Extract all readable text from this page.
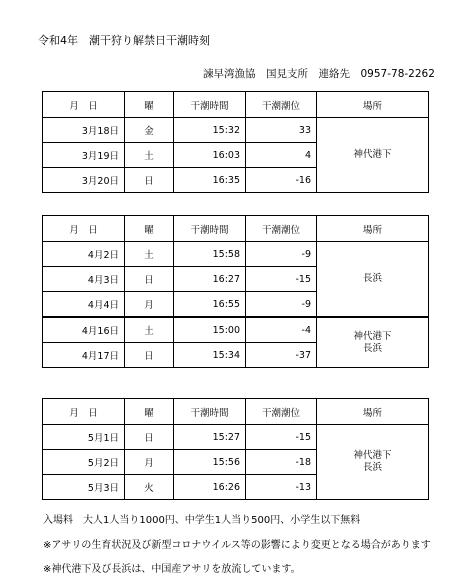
令和4年　潮干狩り解禁日干潮時刻
諫早湾漁協　国見支所　連絡先　0957-78-2262
月　日	曜	干潮時間	干潮潮位	場所
3月18日	金	15:32	33	神代港下

3月19日	土	16:03	4	
3月20日	日	16:35	-16	
月　日	曜	干潮時間	干潮潮位	場所
4月2日	土	15:58	-9	長浜

4月3日	日	16:27	-15	
4月4日	月	16:55	-9	
4月16日	土	15:00	-4	神代港下
長浜

4月17日	日	15:34	-37	
月　日	曜	干潮時間	干潮潮位	場所
5月1日	日	15:27	-15	神代港下
長浜

5月2日	月	15:56	-18	
5月3日	火	16:26	-13	
入場料　大人1人当り1000円、中学生1人当り500円、小学生以下無料
※アサリの生育状況及び新型コロナウイルス等の影響により変更となる場合があります
※神代港下及び長浜は、中国産アサリを放流しています。
